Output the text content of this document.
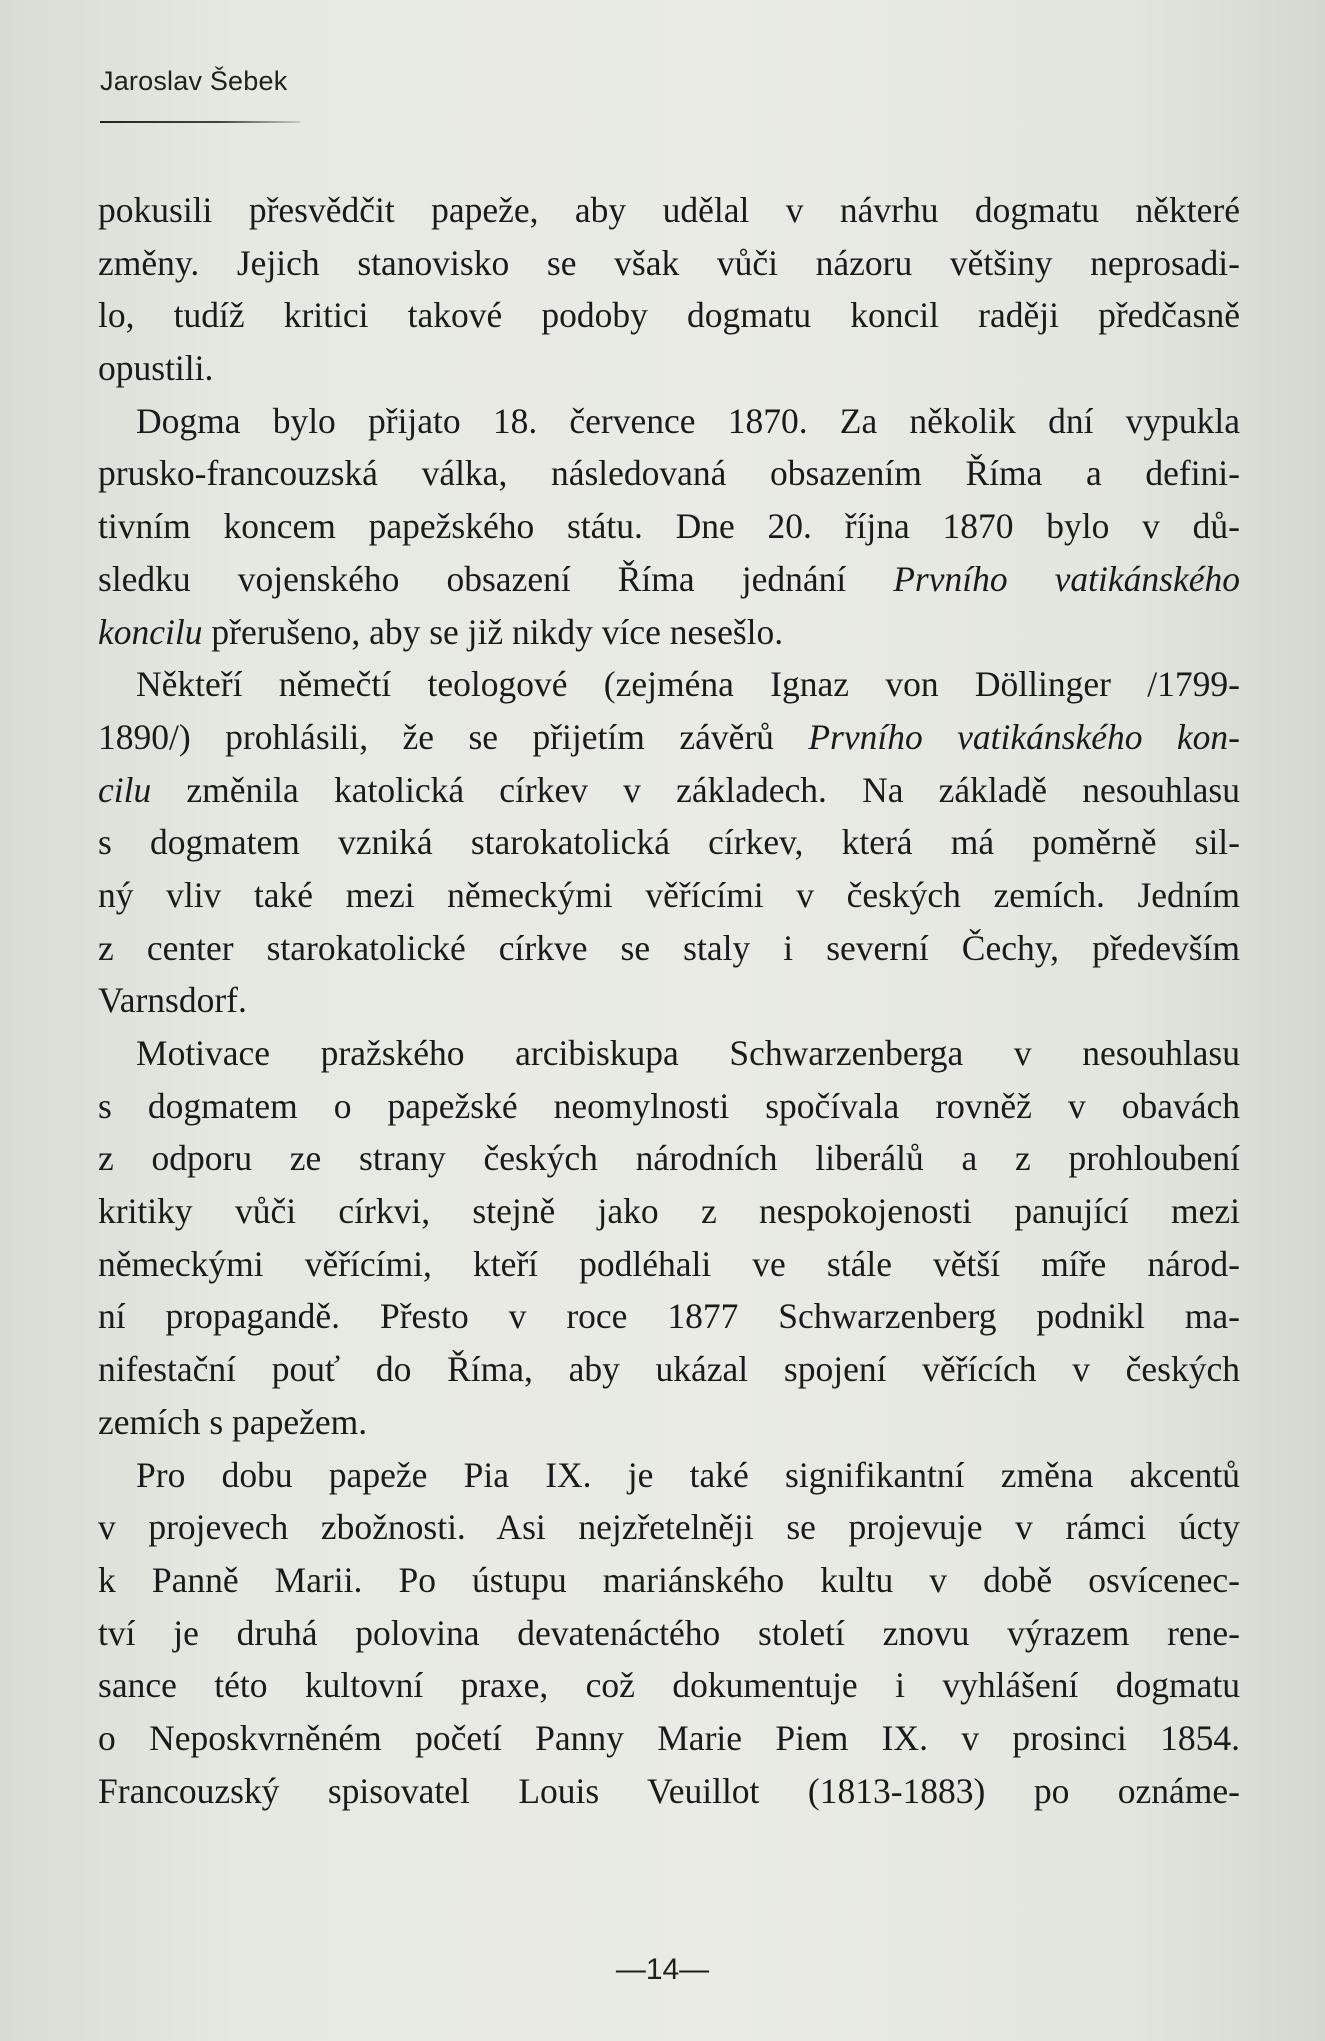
Jaroslav Šebek
pokusili přesvědčit papeže, aby udělal v návrhu dogmatu některé
změny. Jejich stanovisko se však vůči názoru většiny neprosadi-
lo, tudíž kritici takové podoby dogmatu koncil raději předčasně
opustili.
Dogma bylo přijato 18. července 1870. Za několik dní vypukla
prusko-francouzská válka, následovaná obsazením Říma a defini-
tivním koncem papežského státu. Dne 20. října 1870 bylo v dů-
sledku vojenského obsazení Říma jednání Prvního vatikánského
koncilu přerušeno, aby se již nikdy více nesešlo.
Někteří němečtí teologové (zejména Ignaz von Döllinger /1799-
1890/) prohlásili, že se přijetím závěrů Prvního vatikánského kon-
cilu změnila katolická církev v základech. Na základě nesouhlasu
s dogmatem vzniká starokatolická církev, která má poměrně sil-
ný vliv také mezi německými věřícími v českých zemích. Jedním
z center starokatolické církve se staly i severní Čechy, především
Varnsdorf.
Motivace pražského arcibiskupa Schwarzenberga v nesouhlasu
s dogmatem o papežské neomylnosti spočívala rovněž v obavách
z odporu ze strany českých národních liberálů a z prohloubení
kritiky vůči církvi, stejně jako z nespokojenosti panující mezi
německými věřícími, kteří podléhali ve stále větší míře národ-
ní propagandě. Přesto v roce 1877 Schwarzenberg podnikl ma-
nifestační pouť do Říma, aby ukázal spojení věřících v českých
zemích s papežem.
Pro dobu papeže Pia IX. je také signifikantní změna akcentů
v projevech zbožnosti. Asi nejzřetelněji se projevuje v rámci úcty
k Panně Marii. Po ústupu mariánského kultu v době osvícenec-
tví je druhá polovina devatenáctého století znovu výrazem rene-
sance této kultovní praxe, což dokumentuje i vyhlášení dogmatu
o Neposkvrněném početí Panny Marie Piem IX. v prosinci 1854.
Francouzský spisovatel Louis Veuillot (1813-1883) po oznáme-
—14—
